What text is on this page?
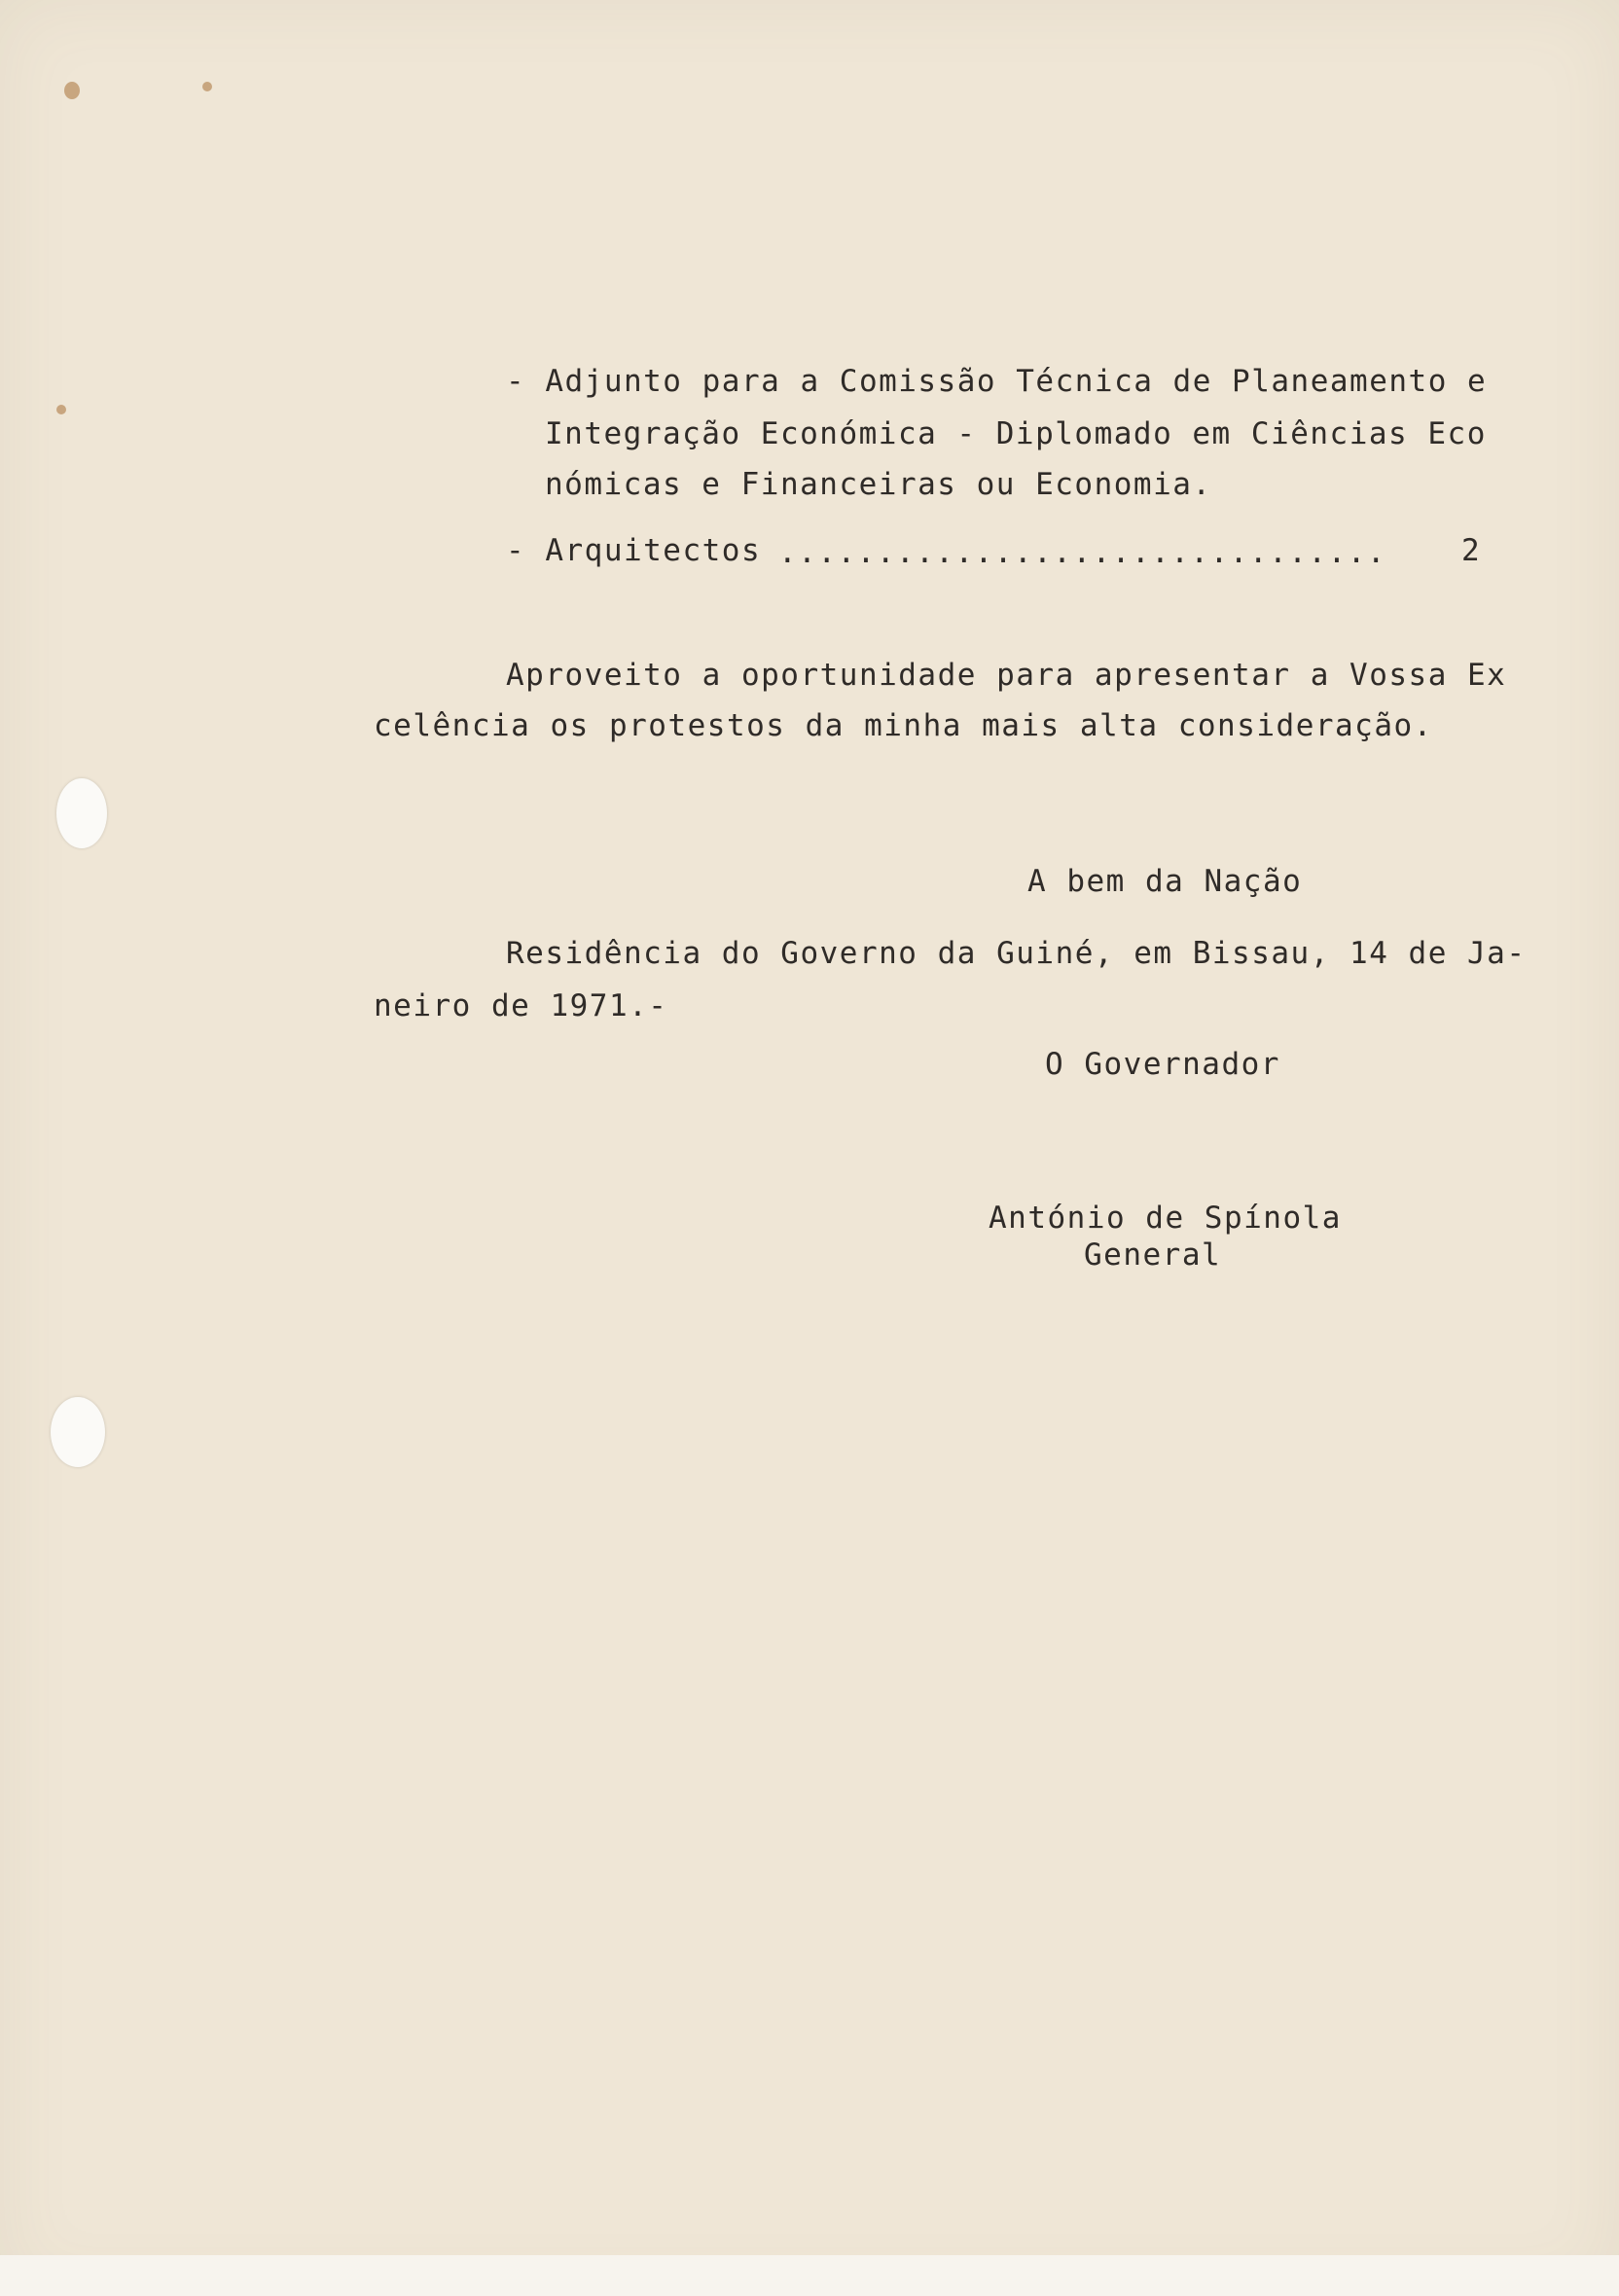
- Adjunto para a Comissão Técnica de Planeamento e

Integração Económica - Diplomado em Ciências Eco

nómicas e Financeiras ou Economia.

- Arquitectos ...............................	2

Aproveito a oportunidade para apresentar a Vossa Ex

celência os protestos da minha mais alta consideração.

A bem da Nação

Residência do Governo da Guiné, em Bissau, 14 de Ja-

neiro de 1971.-

O Governador

António de Spínola

General
